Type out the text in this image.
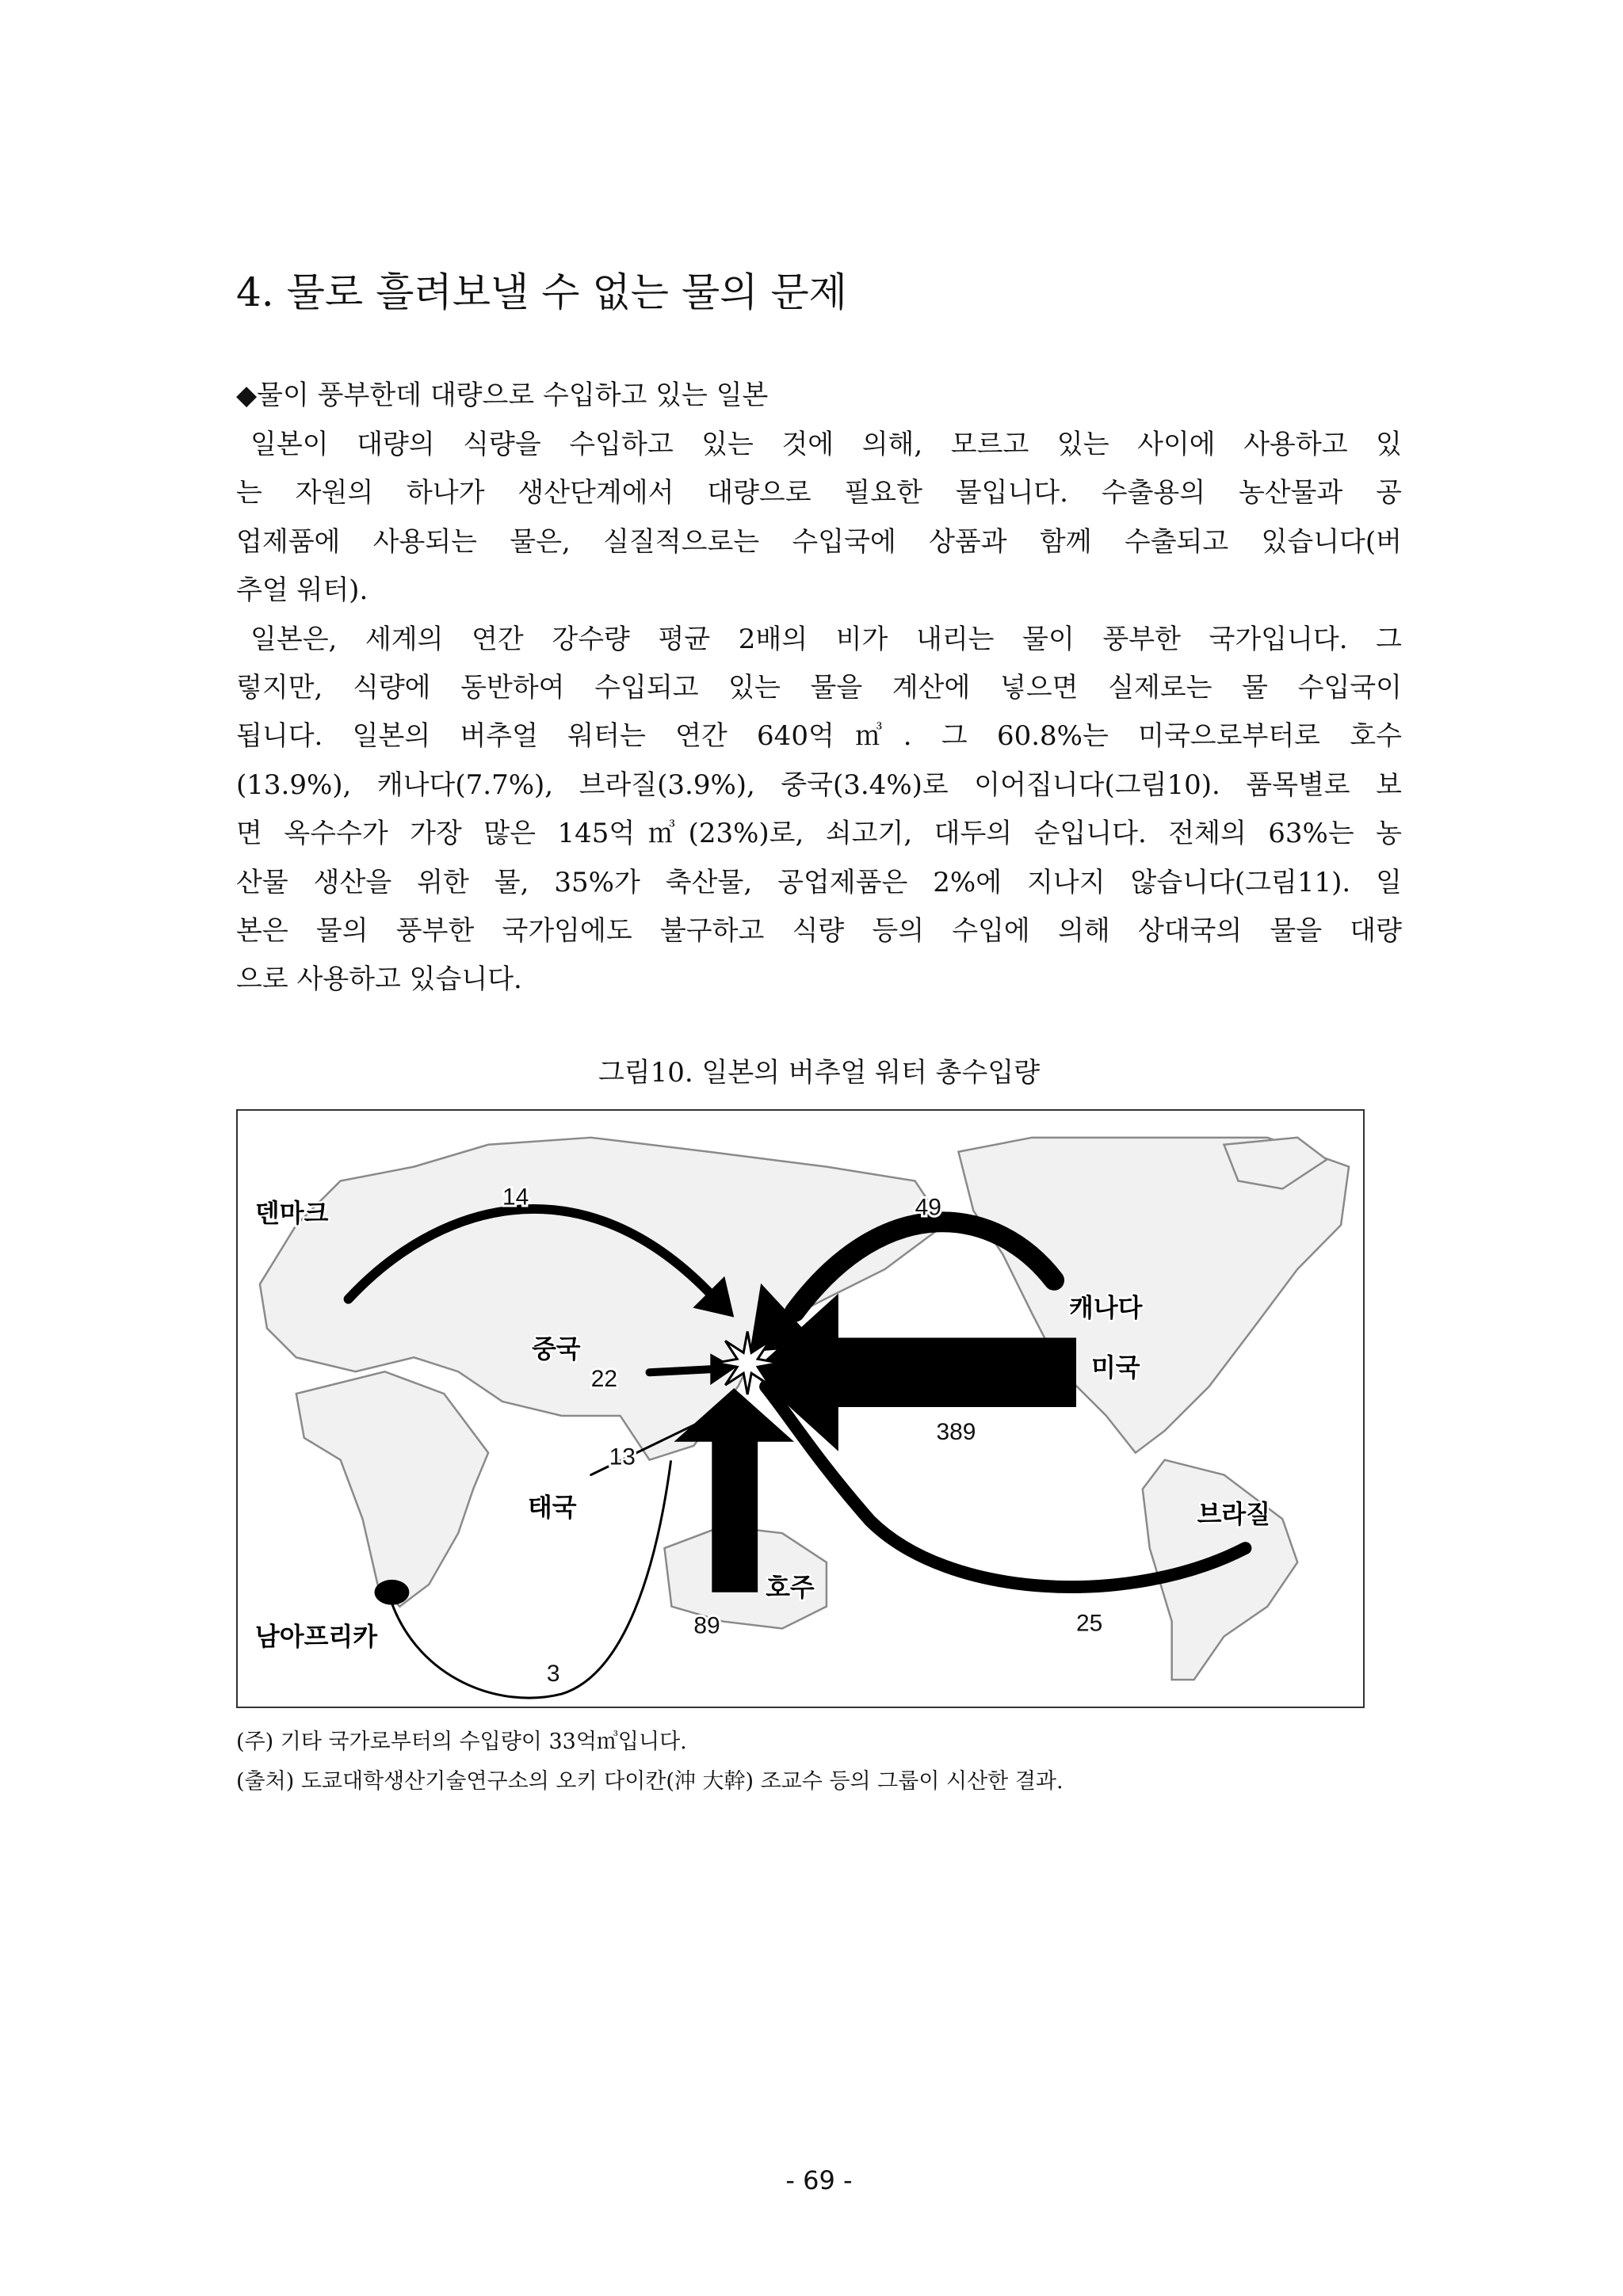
4. 물로 흘려보낼 수 없는 물의 문제
◆물이 풍부한데 대량으로 수입하고 있는 일본
일본이 대량의 식량을 수입하고 있는 것에 의해, 모르고 있는 사이에 사용하고 있
는 자원의 하나가 생산단계에서 대량으로 필요한 물입니다. 수출용의 농산물과 공
업제품에 사용되는 물은, 실질적으로는 수입국에 상품과 함께 수출되고 있습니다(버
추얼 워터).
일본은, 세계의 연간 강수량 평균 2배의 비가 내리는 물이 풍부한 국가입니다. 그
렇지만, 식량에 동반하여 수입되고 있는 물을 계산에 넣으면 실제로는 물 수입국이
됩니다. 일본의 버추얼 워터는 연간 640억㎥. 그 60.8%는 미국으로부터로 호수
(13.9%), 캐나다(7.7%), 브라질(3.9%), 중국(3.4%)로 이어집니다(그림10). 품목별로 보
면 옥수수가 가장 많은 145억㎥(23%)로, 쇠고기, 대두의 순입니다. 전체의 63%는 농
산물 생산을 위한 물, 35%가 축산물, 공업제품은 2%에 지나지 않습니다(그림11). 일
본은 물의 풍부한 국가임에도 불구하고 식량 등의 수입에 의해 상대국의 물을 대량
으로 사용하고 있습니다.
그림10. 일본의 버추얼 워터 총수입량
덴마크
14	49
캐나다
중국
미국
22
389
13
태국	브라질
호주
89	25
남아프리카
3
(주) 기타 국가로부터의 수입량이 33억㎥입니다.
(출처) 도쿄대학생산기술연구소의 오키 다이칸(沖 大幹) 조교수 등의 그룹이 시산한 결과.
- 69 -
